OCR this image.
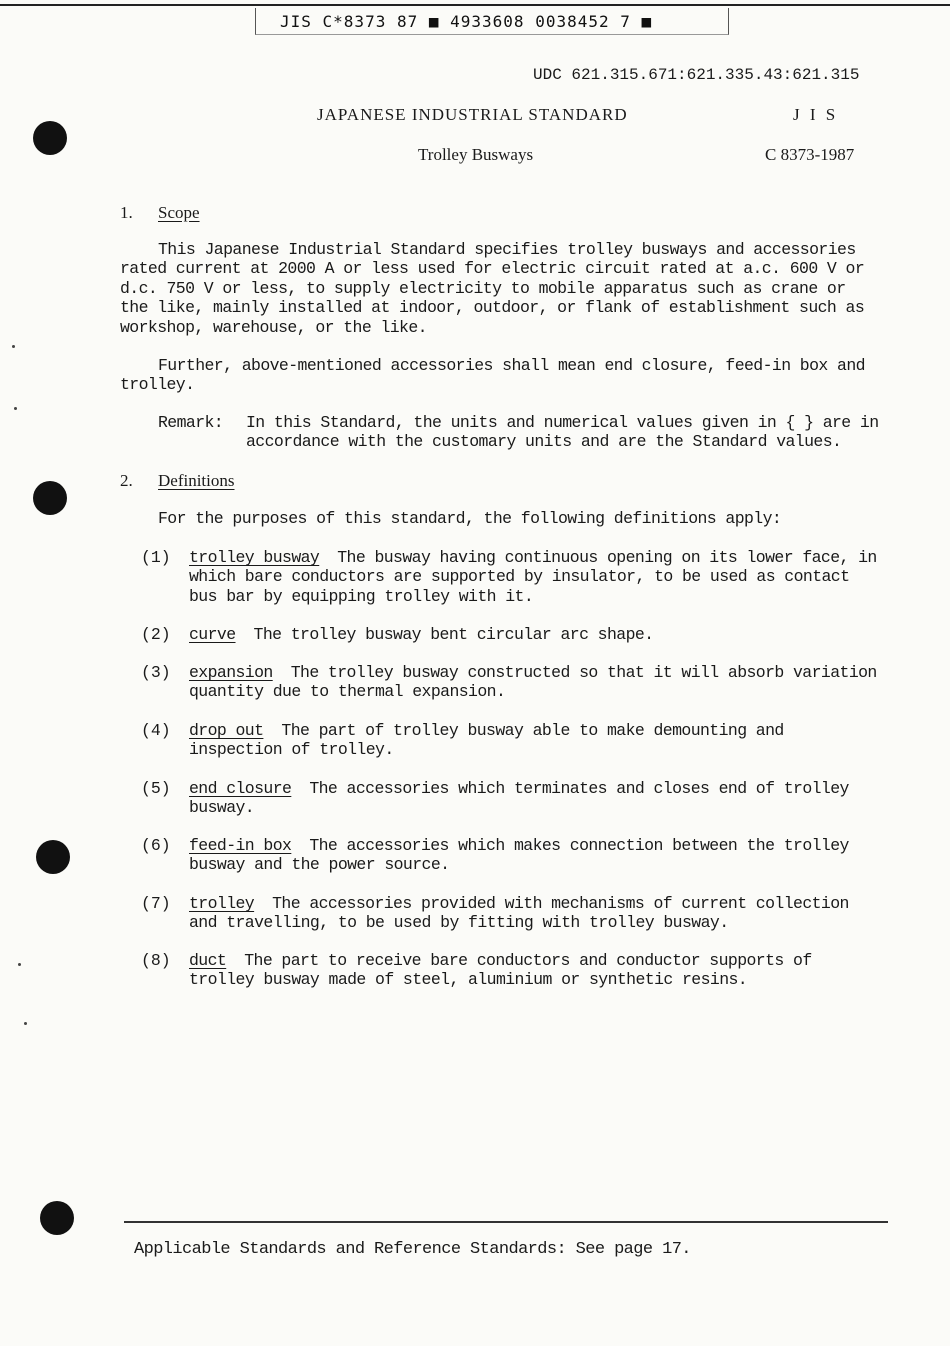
JIS C*8373 87 ■ 4933608 0038452 7 ■
UDC 621.315.671:621.335.43:621.315
JAPANESE INDUSTRIAL STANDARD	J I S
Trolley Busways	C 8373-1987
1. Scope

This Japanese Industrial Standard specifies trolley busways and accessories rated current at 2000 A or less used for electric circuit rated at a.c. 600 V or d.c. 750 V or less, to supply electricity to mobile apparatus such as crane or the like, mainly installed at indoor, outdoor, or flank of establishment such as workshop, warehouse, or the like.

Further, above-mentioned accessories shall mean end closure, feed-in box and trolley.

Remark: In this Standard, the units and numerical values given in { } are in accordance with the customary units and are the Standard values.

2. Definitions

For the purposes of this standard, the following definitions apply:

(1) trolley busway The busway having continuous opening on its lower face, in which bare conductors are supported by insulator, to be used as contact bus bar by equipping trolley with it.
(2) curve The trolley busway bent circular arc shape.
(3) expansion The trolley busway constructed so that it will absorb variation quantity due to thermal expansion.
(4) drop out The part of trolley busway able to make demounting and inspection of trolley.
(5) end closure The accessories which terminates and closes end of trolley busway.
(6) feed-in box The accessories which makes connection between the trolley busway and the power source.
(7) trolley The accessories provided with mechanisms of current collection and travelling, to be used by fitting with trolley busway.
(8) duct The part to receive bare conductors and conductor supports of trolley busway made of steel, aluminium or synthetic resins.
Applicable Standards and Reference Standards: See page 17.
